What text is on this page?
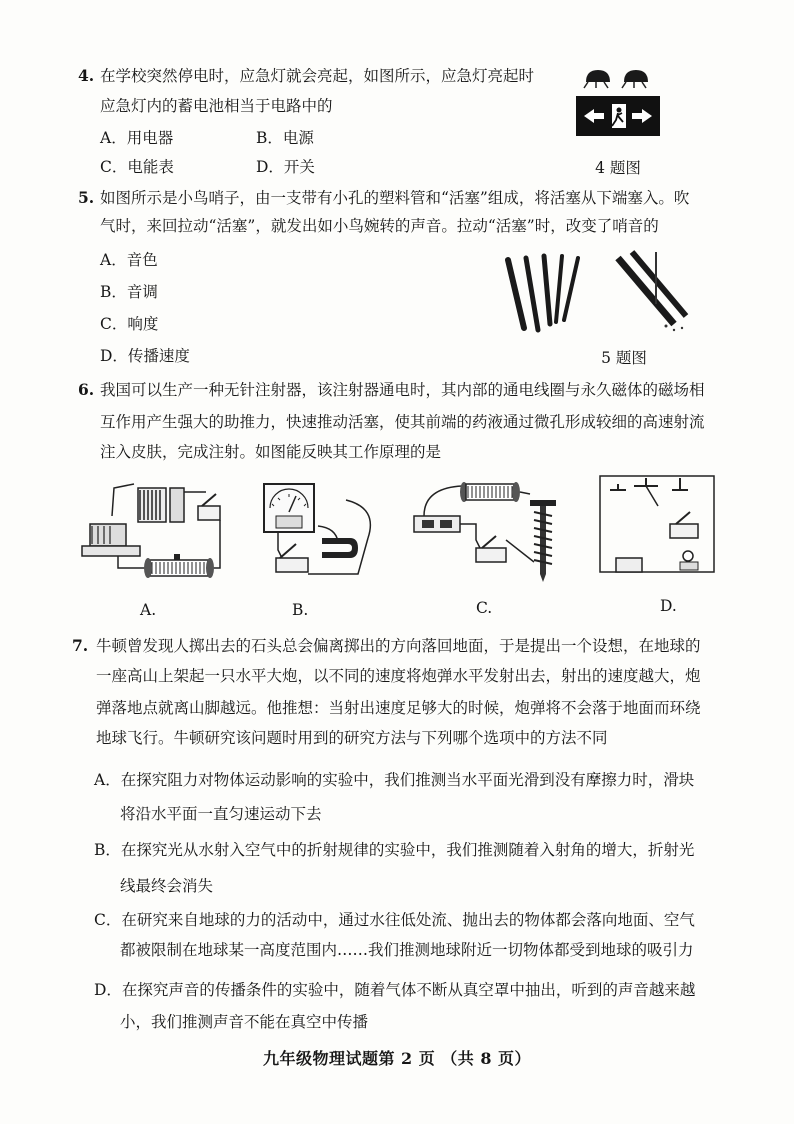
4. 在学校突然停电时，应急灯就会亮起，如图所示，应急灯亮起时
应急灯内的蓄电池相当于电路中的
A．用电器	B．电源
C．电能表	D．开关	4 题图
5. 如图所示是小鸟哨子，由一支带有小孔的塑料管和“活塞”组成，将活塞从下端塞入。吹
气时，来回拉动“活塞”，就发出如小鸟婉转的声音。拉动“活塞”时，改变了哨音的
A．音色
B．音调
C．响度
D．传播速度	5 题图
6. 我国可以生产一种无针注射器，该注射器通电时，其内部的通电线圈与永久磁体的磁场相
互作用产生强大的助推力，快速推动活塞，使其前端的药液通过微孔形成较细的高速射流
注入皮肤，完成注射。如图能反映其工作原理的是
A.	B.	C.	D.
7. 牛顿曾发现人掷出去的石头总会偏离掷出的方向落回地面，于是提出一个设想，在地球的
一座高山上架起一只水平大炮，以不同的速度将炮弹水平发射出去，射出的速度越大，炮
弹落地点就离山脚越远。他推想：当射出速度足够大的时候，炮弹将不会落于地面而环绕
地球飞行。牛顿研究该问题时用到的研究方法与下列哪个选项中的方法不同
A．在探究阻力对物体运动影响的实验中，我们推测当水平面光滑到没有摩擦力时，滑块
将沿水平面一直匀速运动下去
B．在探究光从水射入空气中的折射规律的实验中，我们推测随着入射角的增大，折射光
线最终会消失
C．在研究来自地球的力的活动中，通过水往低处流、抛出去的物体都会落向地面、空气
都被限制在地球某一高度范围内……我们推测地球附近一切物体都受到地球的吸引力
D．在探究声音的传播条件的实验中，随着气体不断从真空罩中抽出，听到的声音越来越
小，我们推测声音不能在真空中传播
九年级物理试题第 2 页 （共 8 页）
